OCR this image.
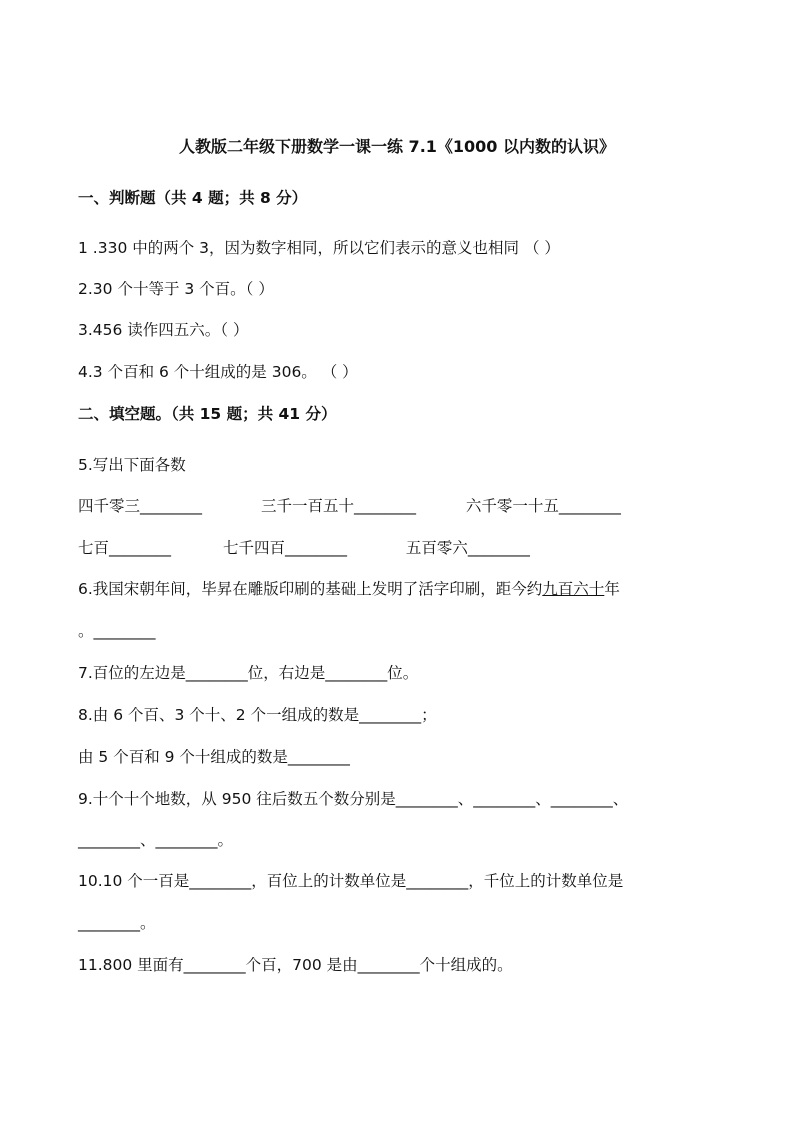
人教版二年级下册数学一课一练 7.1《1000 以内数的认识》
一、判断题（共 4 题；共 8 分）
1 .330 中的两个 3，因为数字相同，所以它们表示的意义也相同 （ ）
2.30 个十等于 3 个百。（ ）
3.456 读作四五六。（ ）
4.3 个百和 6 个十组成的是 306。 （ ）
二、填空题。（共 15 题；共 41 分）
5.写出下面各数
四千零三________	三千一百五十________	六千零一十五________
七百________	七千四百________	五百零六________
6.我国宋朝年间，毕昇在雕版印刷的基础上发明了活字印刷，距今约九百六十年
。________
7.百位的左边是________位，右边是________位。
8.由 6 个百、3 个十、2 个一组成的数是________；
由 5 个百和 9 个十组成的数是________
9.十个十个地数，从 950 往后数五个数分别是________、________、________、
________、________。
10.10 个一百是________，百位上的计数单位是________，千位上的计数单位是
________。
11.800 里面有________个百，700 是由________个十组成的。
